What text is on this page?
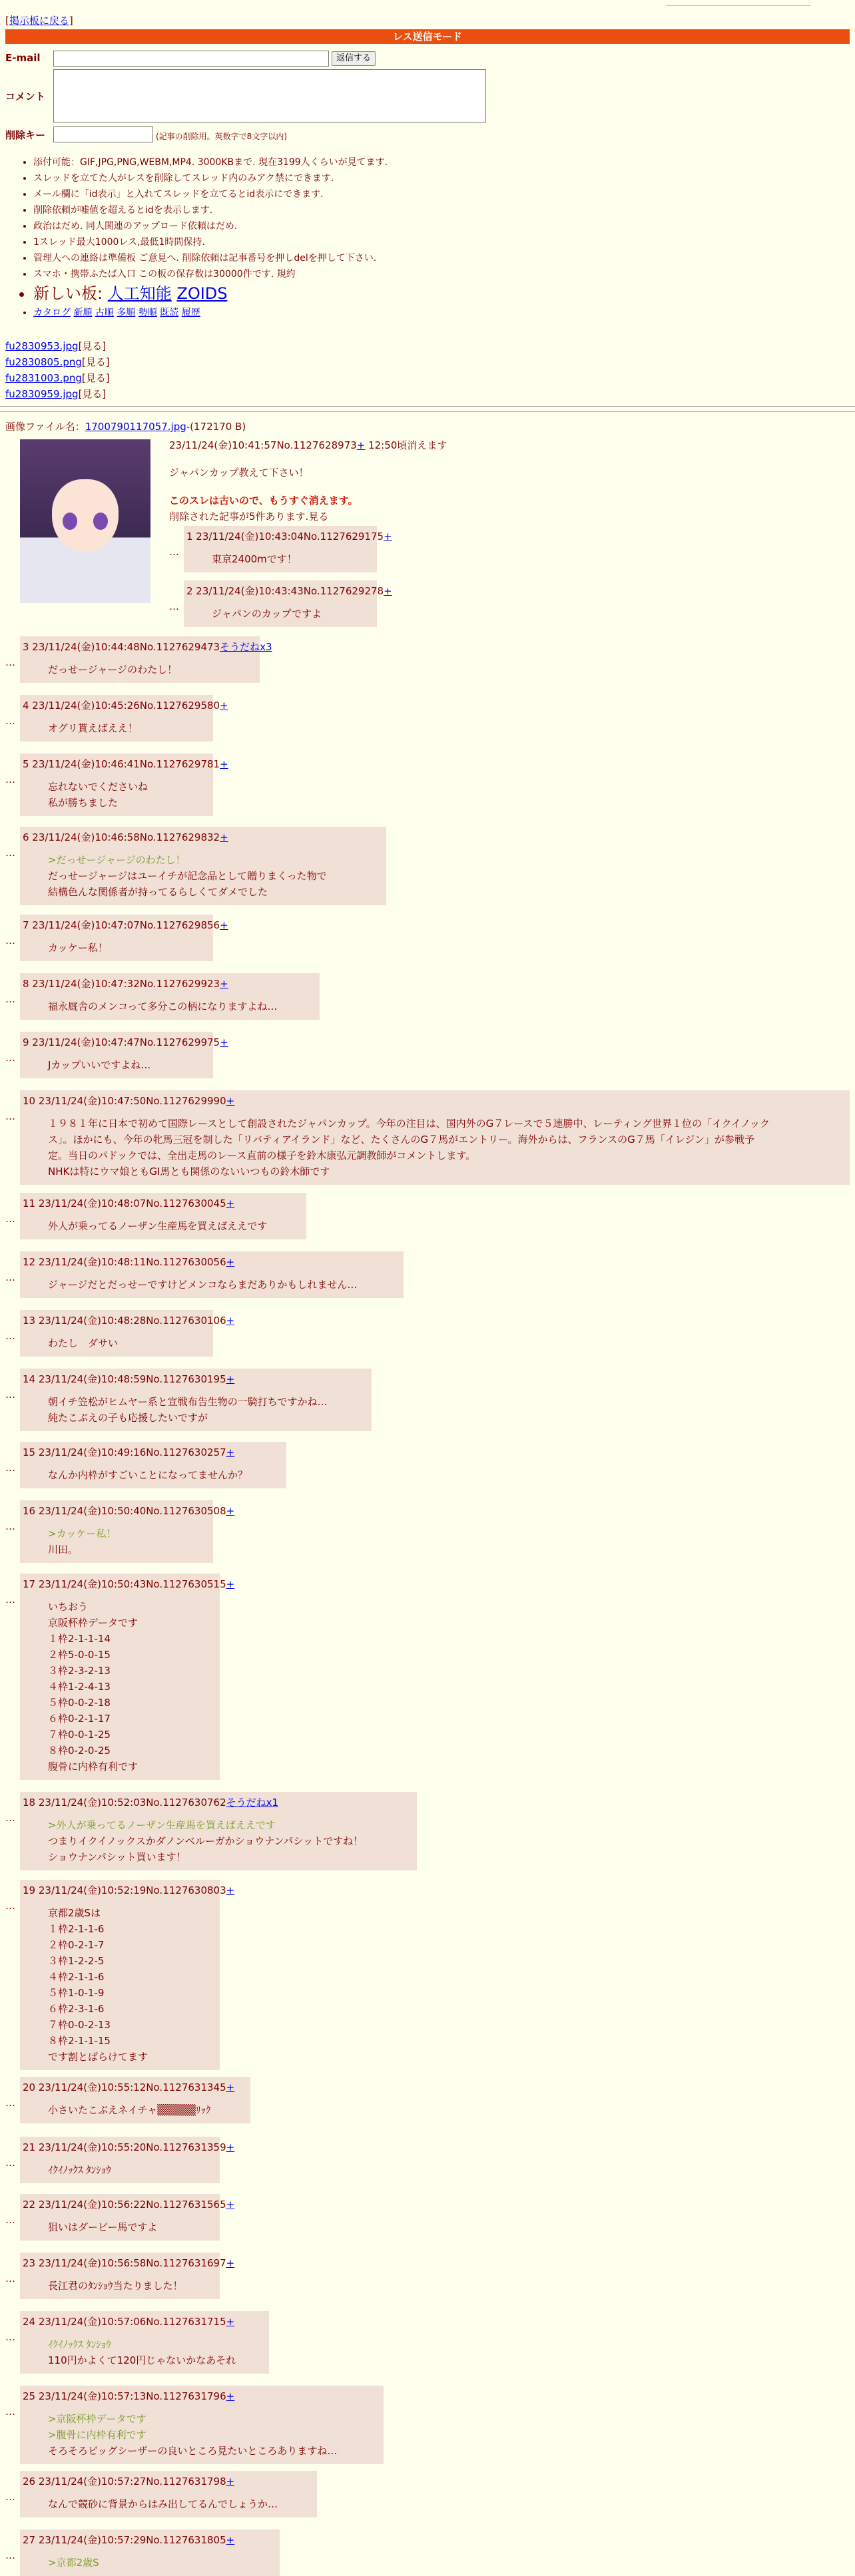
[掲示板に戻る]
レス送信モード
E-mail	返信する
コメント
削除キー	(記事の削除用。英数字で8文字以内)
• 添付可能：GIF,JPG,PNG,WEBM,MP4. 3000KBまで. 現在3199人くらいが見てます.
• スレッドを立てた人がレスを削除してスレッド内のみアク禁にできます.
• メール欄に「id表示」と入れてスレッドを立てるとid表示にできます.
• 削除依頼が嘘値を超えるとidを表示します.
• 政治はだめ. 同人関連のアップロード依頼はだめ.
• 1スレッド最大1000レス,最低1時間保持.
• 管理人への連絡は準備板 ご意見へ. 削除依頼は記事番号を押しdelを押して下さい.
• スマホ・携帯ふたば入口 この板の保存数は30000件です. 規約
• 新しい板: 人工知能 ZOIDS
• カタログ 新順 古順 多順 勢順 既読 履歴
fu2830953.jpg[見る]
fu2830805.png[見る]
fu2831003.png[見る]
fu2830959.jpg[見る]
画像ファイル名：1700790117057.jpg-(172170 B)
23/11/24(金)10:41:57No.1127628973+ 12:50頃消えます
ジャパンカップ教えて下さい！
このスレは古いので、もうすぐ消えます。
削除された記事が5件あります.見る
…
1 23/11/24(金)10:43:04No.1127629175+
東京2400mです！
…
2 23/11/24(金)10:43:43No.1127629278+
ジャパンのカップですよ
…
3 23/11/24(金)10:44:48No.1127629473そうだねx3
だっせージャージのわたし！
…
4 23/11/24(金)10:45:26No.1127629580+
オグリ貰えばええ！
…
5 23/11/24(金)10:46:41No.1127629781+
忘れないでくださいね
私が勝ちました
…
6 23/11/24(金)10:46:58No.1127629832+
>だっせージャージのわたし！
だっせージャージはユーイチが記念品として贈りまくった物で
結構色んな関係者が持ってるらしくてダメでした
…
7 23/11/24(金)10:47:07No.1127629856+
カッケー私！
…
8 23/11/24(金)10:47:32No.1127629923+
福永厩舎のメンコって多分この柄になりますよね…
…
9 23/11/24(金)10:47:47No.1127629975+
Jカップいいですよね…
…
10 23/11/24(金)10:47:50No.1127629990+
１９８１年に日本で初めて国際レースとして創設されたジャパンカップ。今年の注目は、国内外のG７レースで５連勝中、レーティング世界１位の「イクイノック
ス」。ほかにも、今年の牝馬三冠を制した「リバティアイランド」など、たくさんのG７馬がエントリー。海外からは、フランスのG７馬「イレジン」が参戦予
定。当日のパドックでは、全出走馬のレース直前の様子を鈴木康弘元調教師がコメントします。
NHKは特にウマ娘ともGI馬とも関係のないいつもの鈴木師です
…
11 23/11/24(金)10:48:07No.1127630045+
外人が乗ってるノーザン生産馬を買えばええです
…
12 23/11/24(金)10:48:11No.1127630056+
ジャージだとだっせーですけどメンコならまだありかもしれません…
…
13 23/11/24(金)10:48:28No.1127630106+
わたし　ダサい
…
14 23/11/24(金)10:48:59No.1127630195+
朝イチ笠松がヒムヤー系と宣戦布告生物の一騎打ちですかね…
純たこぶえの子も応援したいですが
…
15 23/11/24(金)10:49:16No.1127630257+
なんか内枠がすごいことになってませんか？
…
16 23/11/24(金)10:50:40No.1127630508+
>カッケー私！
川田。
…
17 23/11/24(金)10:50:43No.1127630515+
いちおう
京阪杯枠データです
１枠2-1-1-14
２枠5-0-0-15
３枠2-3-2-13
４枠1-2-4-13
５枠0-0-2-18
６枠0-2-1-17
７枠0-0-1-25
８枠0-2-0-25
腹骨に内枠有利です
…
18 23/11/24(金)10:52:03No.1127630762そうだねx1
>外人が乗ってるノーザン生産馬を買えばええです
つまりイクイノックスかダノンベルーガかショウナンパシットですね！
ショウナンパシット買います！
…
19 23/11/24(金)10:52:19No.1127630803+
京都2歳Sは
１枠2-1-1-6
２枠0-2-1-7
３枠1-2-2-5
４枠2-1-1-6
５枠1-0-1-9
６枠2-3-1-6
７枠0-0-2-13
８枠2-1-1-15
です割とばらけてます
…
20 23/11/24(金)10:55:12No.1127631345+
小さいたこぶえネイチャ▒▒▒▒▒ﾘｯｸ
…
21 23/11/24(金)10:55:20No.1127631359+
ｲｸｲﾉｯｸｽ ﾀﾝｼｮｳ
…
22 23/11/24(金)10:56:22No.1127631565+
狙いはダービー馬ですよ
…
23 23/11/24(金)10:56:58No.1127631697+
長江君のﾀﾝｼｮｳ当たりました！
…
24 23/11/24(金)10:57:06No.1127631715+
ｲｸｲﾉｯｸｽ ﾀﾝｼｮｳ
110円かよくて120円じゃないかなあそれ
…
25 23/11/24(金)10:57:13No.1127631796+
>京阪杯枠データです
>腹骨に内枠有利です
そろそろビッグシーザーの良いところ見たいところありますね…
…
26 23/11/24(金)10:57:27No.1127631798+
なんで競砂に背景からはみ出してるんでしょうか…
…
27 23/11/24(金)10:57:29No.1127631805+
>京都2歳S
